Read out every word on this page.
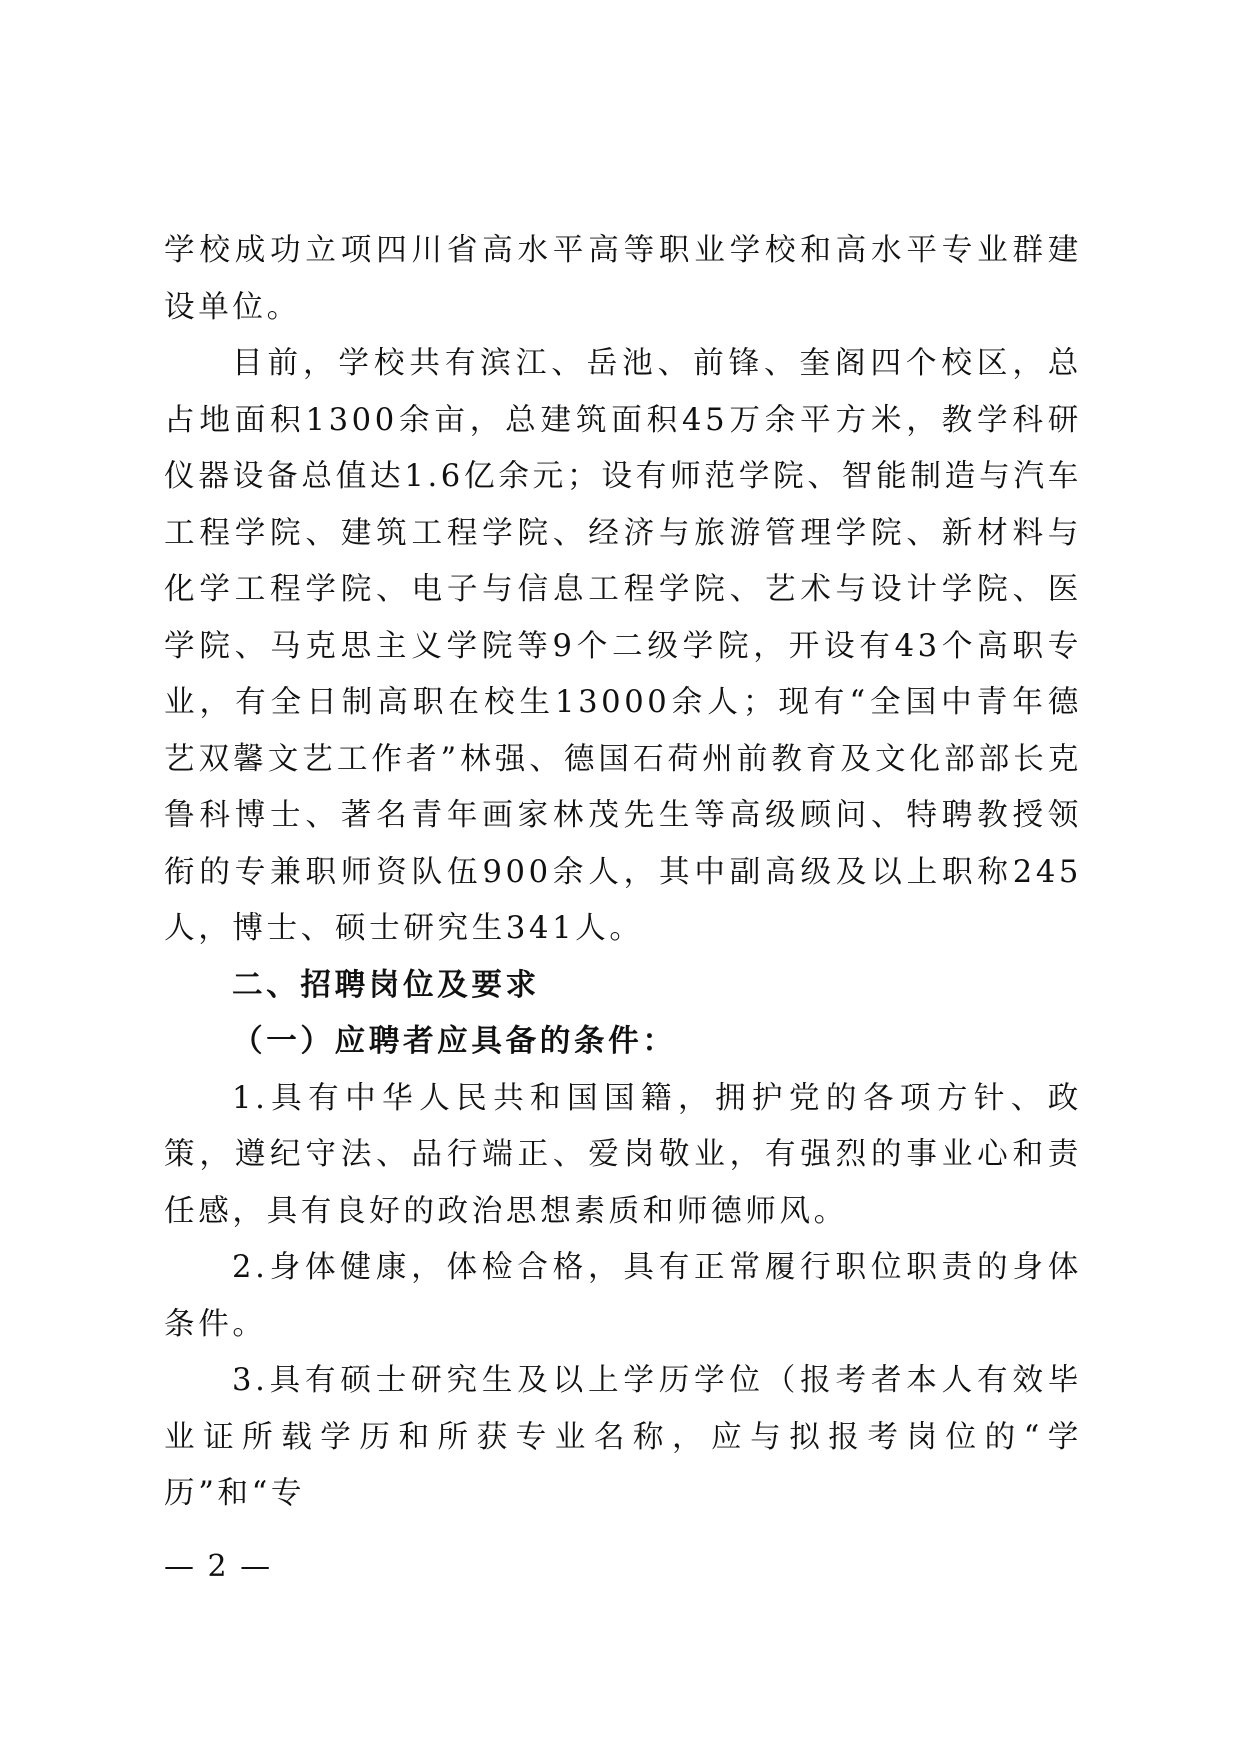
学校成功立项四川省高水平高等职业学校和高水平专业群建设单位。

目前，学校共有滨江、岳池、前锋、奎阁四个校区，总占地面积1300余亩，总建筑面积45万余平方米，教学科研仪器设备总值达1.6亿余元；设有师范学院、智能制造与汽车工程学院、建筑工程学院、经济与旅游管理学院、新材料与化学工程学院、电子与信息工程学院、艺术与设计学院、医学院、马克思主义学院等9个二级学院，开设有43个高职专业，有全日制高职在校生13000余人；现有“全国中青年德艺双馨文艺工作者”林强、德国石荷州前教育及文化部部长克鲁科博士、著名青年画家林茂先生等高级顾问、特聘教授领衔的专兼职师资队伍900余人，其中副高级及以上职称245人，博士、硕士研究生341人。

二、招聘岗位及要求

（一）应聘者应具备的条件：

1.具有中华人民共和国国籍，拥护党的各项方针、政策，遵纪守法、品行端正、爱岗敬业，有强烈的事业心和责任感，具有良好的政治思想素质和师德师风。

2.身体健康，体检合格，具有正常履行职位职责的身体条件。

3.具有硕士研究生及以上学历学位（报考者本人有效毕业证所载学历和所获专业名称，应与拟报考岗位的“学历”和“专

— 2 —
